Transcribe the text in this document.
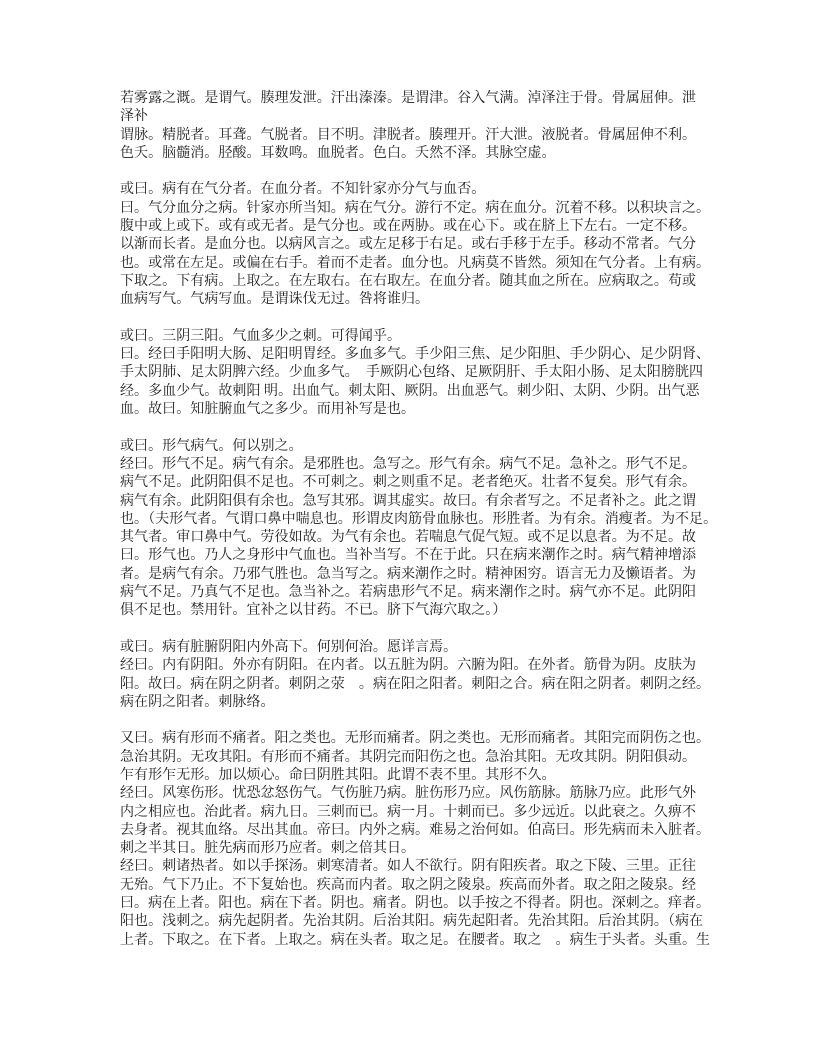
若雾露之溉。是谓气。腠理发泄。汗出溱溱。是谓津。谷入气满。淖泽注于骨。骨属屈伸。泄
泽补
谓脉。精脱者。耳聋。气脱者。目不明。津脱者。腠理开。汗大泄。液脱者。骨属屈伸不利。
色夭。脑髓消。胫酸。耳数鸣。血脱者。色白。夭然不泽。其脉空虚。
或曰。病有在气分者。在血分者。不知针家亦分气与血否。
曰。气分血分之病。针家亦所当知。病在气分。游行不定。病在血分。沉着不移。以积块言之。
腹中或上或下。或有或无者。是气分也。或在两胁。或在心下。或在脐上下左右。一定不移。
以渐而长者。是血分也。以病风言之。或左足移于右足。或右手移于左手。移动不常者。气分
也。或常在左足。或偏在右手。着而不走者。血分也。凡病莫不皆然。须知在气分者。上有病。
下取之。下有病。上取之。在左取右。在右取左。在血分者。随其血之所在。应病取之。苟或
血病写气。气病写血。是谓诛伐无过。咎将谁归。
或曰。三阴三阳。气血多少之刺。可得闻乎。
曰。经曰手阳明大肠、足阳明胃经。多血多气。手少阳三焦、足少阳胆、手少阴心、足少阴肾、
手太阴肺、足太阴脾六经。少血多气。　手厥阴心包络、足厥阴肝、手太阳小肠、足太阳膀胱四
经。多血少气。故刺阳 明。出血气。刺太阳、厥阴。出血恶气。刺少阳、太阴、少阴。出气恶
血。故曰。知脏腑血气之多少。而用补写是也。
或曰。形气病气。何以别之。
经曰。形气不足。病气有余。是邪胜也。急写之。形气有余。病气不足。急补之。形气不足。
病气不足。此阴阳俱不足也。不可刺之。刺之则重不足。老者绝灭。壮者不复矣。形气有余。
病气有余。此阴阳俱有余也。急写其邪。调其虚实。故曰。有余者写之。不足者补之。此之谓
也。（夫形气者。气谓口鼻中喘息也。形谓皮肉筋骨血脉也。形胜者。为有余。消瘦者。为不足。
其气者。审口鼻中气。劳役如故。为气有余也。若喘息气促气短。或不足以息者。为不足。故
曰。形气也。乃人之身形中气血也。当补当写。不在于此。只在病来潮作之时。病气精神增添
者。是病气有余。乃邪气胜也。急当写之。病来潮作之时。精神困穷。语言无力及懒语者。为
病气不足。乃真气不足也。急当补之。若病患形气不足。病来潮作之时。病气亦不足。此阴阳
俱不足也。禁用针。宜补之以甘药。不已。脐下气海穴取之。）
或曰。病有脏腑阴阳内外高下。何别何治。愿详言焉。
经曰。内有阴阳。外亦有阴阳。在内者。以五脏为阴。六腑为阳。在外者。筋骨为阴。皮肤为
阳。故曰。病在阴之阴者。刺阴之荥　。病在阳之阳者。刺阳之合。病在阳之阴者。刺阴之经。
病在阴之阳者。刺脉络。
又曰。病有形而不痛者。阳之类也。无形而痛者。阴之类也。无形而痛者。其阳完而阴伤之也。
急治其阴。无攻其阳。有形而不痛者。其阴完而阳伤之也。急治其阳。无攻其阴。阴阳俱动。
乍有形乍无形。加以烦心。命曰阴胜其阳。此谓不表不里。其形不久。
经曰。风寒伤形。忧恐忿怒伤气。气伤脏乃病。脏伤形乃应。风伤筋脉。筋脉乃应。此形气外
内之相应也。治此者。病九日。三刺而已。病一月。十刺而已。多少远近。以此衰之。久痹不
去身者。视其血络。尽出其血。帝曰。内外之病。难易之治何如。伯高曰。形先病而未入脏者。
刺之半其日。脏先病而形乃应者。刺之倍其日。
经曰。刺诸热者。如以手探汤。刺寒清者。如人不欲行。阴有阳疾者。取之下陵、三里。正往
无殆。气下乃止。不下复始也。疾高而内者。取之阴之陵泉。疾高而外者。取之阳之陵泉。经
曰。病在上者。阳也。病在下者。阴也。痛者。阴也。以手按之不得者。阴也。深刺之。痒者。
阳也。浅刺之。病先起阴者。先治其阴。后治其阳。病先起阳者。先治其阳。后治其阴。（病在
上者。下取之。在下者。上取之。病在头者。取之足。在腰者。取之　。病生于头者。头重。生
